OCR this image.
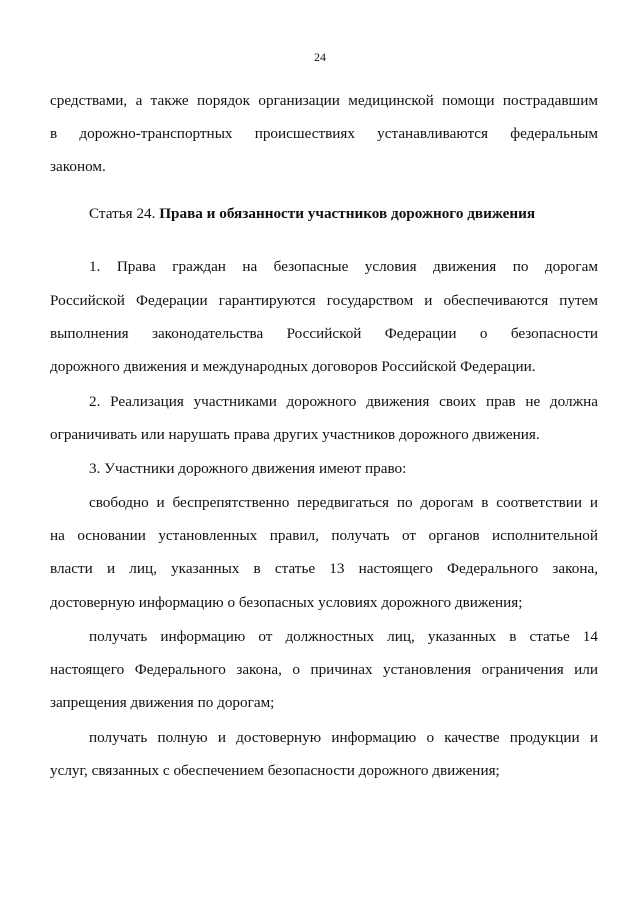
24
средствами, а также порядок организации медицинской помощи пострадавшим
в дорожно-транспортных происшествиях устанавливаются федеральным
законом.
Статья 24. Права и обязанности участников дорожного движения
1. Права граждан на безопасные условия движения по дорогам
Российской Федерации гарантируются государством и обеспечиваются путем
выполнения законодательства Российской Федерации о безопасности
дорожного движения и международных договоров Российской Федерации.
2. Реализация участниками дорожного движения своих прав не должна
ограничивать или нарушать права других участников дорожного движения.
3. Участники дорожного движения имеют право:
свободно и беспрепятственно передвигаться по дорогам в соответствии и
на основании установленных правил, получать от органов исполнительной
власти и лиц, указанных в статье 13 настоящего Федерального закона,
достоверную информацию о безопасных условиях дорожного движения;
получать информацию от должностных лиц, указанных в статье 14
настоящего Федерального закона, о причинах установления ограничения или
запрещения движения по дорогам;
получать полную и достоверную информацию о качестве продукции и
услуг, связанных с обеспечением безопасности дорожного движения;
